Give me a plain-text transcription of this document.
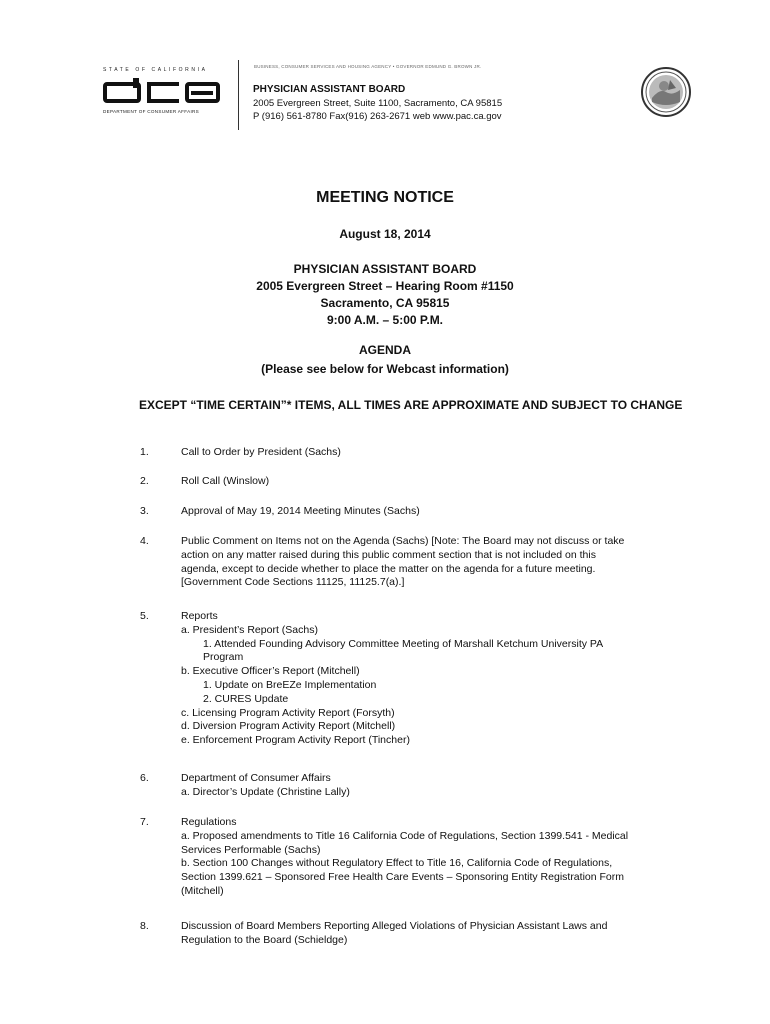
STATE OF CALIFORNIA
DEPARTMENT OF CONSUMER AFFAIRS
BUSINESS, CONSUMER SERVICES AND HOUSING AGENCY • GOVERNOR EDMUND G. BROWN JR.
PHYSICIAN ASSISTANT BOARD
2005 Evergreen Street, Suite 1100, Sacramento, CA 95815
P (916) 561-8780 Fax(916) 263-2671 web www.pac.ca.gov
MEETING NOTICE
August 18, 2014
PHYSICIAN ASSISTANT BOARD
2005 Evergreen Street – Hearing Room #1150
Sacramento, CA 95815
9:00 A.M. – 5:00 P.M.
AGENDA
(Please see below for Webcast information)
EXCEPT “TIME CERTAIN”* ITEMS, ALL TIMES ARE APPROXIMATE AND SUBJECT TO CHANGE
1.	Call to Order by President (Sachs)

2.	Roll Call (Winslow)

3.	Approval of May 19, 2014 Meeting Minutes (Sachs)

4.	Public Comment on Items not on the Agenda (Sachs) [Note: The Board may not discuss or take

action on any matter raised during this public comment section that is not included on this

agenda, except to decide whether to place the matter on the agenda for a future meeting.

[Government Code Sections 11125, 11125.7(a).]

5.	Reports

a. President’s Report (Sachs)

1. Attended Founding Advisory Committee Meeting of Marshall Ketchum University PA

Program

b. Executive Officer’s Report (Mitchell)

1. Update on BreEZe Implementation

2. CURES Update

c. Licensing Program Activity Report (Forsyth)

d. Diversion Program Activity Report (Mitchell)

e. Enforcement Program Activity Report (Tincher)

6.	Department of Consumer Affairs

a. Director’s Update (Christine Lally)

7.	Regulations

a. Proposed amendments to Title 16 California Code of Regulations, Section 1399.541 - Medical

Services Performable (Sachs)

b. Section 100 Changes without Regulatory Effect to Title 16, California Code of Regulations,

Section 1399.621 – Sponsored Free Health Care Events – Sponsoring Entity Registration Form

(Mitchell)

8.	Discussion of Board Members Reporting Alleged Violations of Physician Assistant Laws and

Regulation to the Board (Schieldge)
